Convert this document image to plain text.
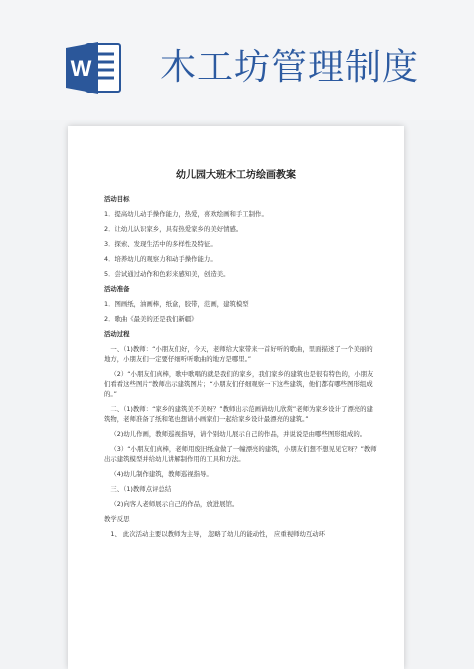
W 木工坊管理制度
幼儿园大班木工坊绘画教案

活动目标

1．提高幼儿动手操作能力，热爱，喜欢绘画和手工制作。

2．让幼儿认识家乡，具有热爱家乡的美好情感。

3．探索、发现生活中的多样性及特征。

4．培养幼儿的观察力和动手操作能力。

5．尝试通过动作和色彩来感知美，创造美。

活动准备

1．图画纸，油画棒，纸盒，胶带，范画，建筑模型

2．歌曲《最美的还是我们新疆》

活动过程

一、（1)教师：“小朋友们好，今天，老师给大家带来一首好听的歌曲，里面描述了一个美丽的地方，小朋友们一定要仔细听听歌曲的地方是哪里。”

（2）“小朋友们真棒，歌中歌唱的就是我们的家乡，我们家乡的建筑也是很有特色的，小朋友们看看这些图片”教师出示建筑图片；“小朋友们仔细观察一下这些建筑，他们都有哪些图形组成的。”

二、（1)教师：“家乡的建筑美不美呀？”教师出示范画请幼儿欣赏”老师为家乡设计了漂亮的建筑物，老师准备了纸和笔也想请小画家们一起给家乡设计最漂亮的建筑。”

（2)幼儿作画，教师巡视指导，请个别幼儿展示自己的作品，并说说是由哪些图形组成的。

（3）“小朋友们真棒，老师用废旧纸盒做了一幢漂亮的建筑，小朋友们想不想见见它呀？”教师出示建筑模型并给幼儿讲解制作用的工具和方法。

（4)幼儿制作建筑，教师巡视指导。

三、（1)教师点评总结

（2)向客人老师展示自己的作品，放进展馆。

教学反思

1、 此次活动主要以教师为主导， 忽略了幼儿的能动性， 应重视师幼互动环
